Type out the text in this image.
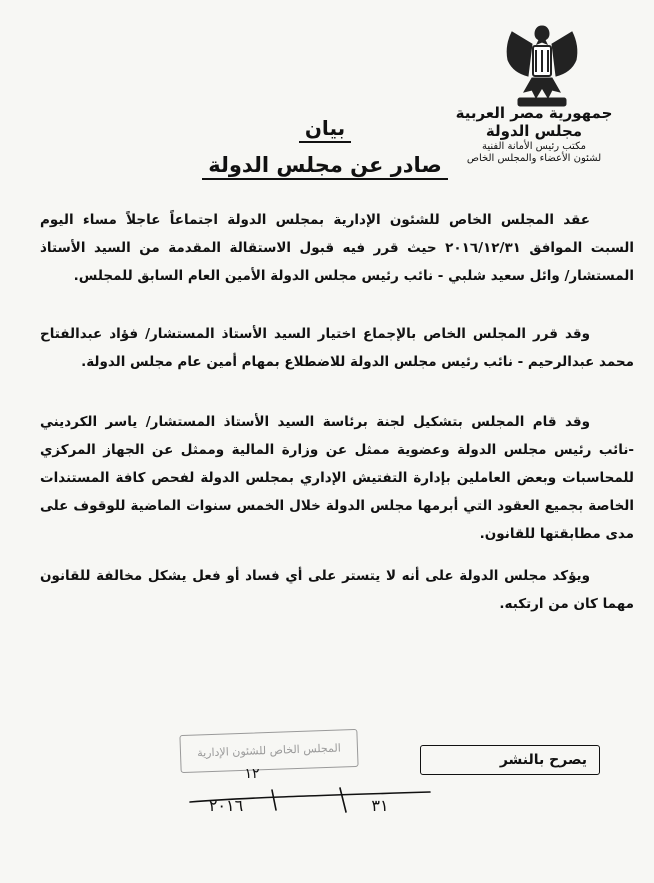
جمهورية مصر العربية
مجلس الدولة
مكتب رئيس الأمانة الفنية
لشئون الأعضاء والمجلس الخاص
بيان
صادر عن مجلس الدولة

عقد المجلس الخاص للشئون الإدارية بمجلس الدولة اجتماعاً عاجلاً مساء اليوم السبت الموافق ٢٠١٦/١٢/٣١ حيث قرر فيه قبول الاستقالة المقدمة من السيد الأستاذ المستشار/ وائل سعيد شلبي - نائب رئيس مجلس الدولة الأمين العام السابق للمجلس.

وقد قرر المجلس الخاص بالإجماع اختيار السيد الأستاذ المستشار/ فؤاد عبدالفتاح محمد عبدالرحيم - نائب رئيس مجلس الدولة للاضطلاع بمهام أمين عام مجلس الدولة.

وقد قام المجلس بتشكيل لجنة برئاسة السيد الأستاذ المستشار/ ياسر الكرديني -نائب رئيس مجلس الدولة وعضوية ممثل عن وزارة المالية وممثل عن الجهاز المركزي للمحاسبات وبعض العاملين بإدارة التفتيش الإداري بمجلس الدولة لفحص كافة المستندات الخاصة بجميع العقود التي أبرمها مجلس الدولة خلال الخمس سنوات الماضية للوقوف على مدى مطابقتها للقانون.

ويؤكد مجلس الدولة على أنه لا يتستر على أي فساد أو فعل يشكل مخالفة للقانون مهما كان من ارتكبه.

المجلس الخاص للشئون الإدارية
١٢
يصرح بالنشر
٣١
٢٠١٦
